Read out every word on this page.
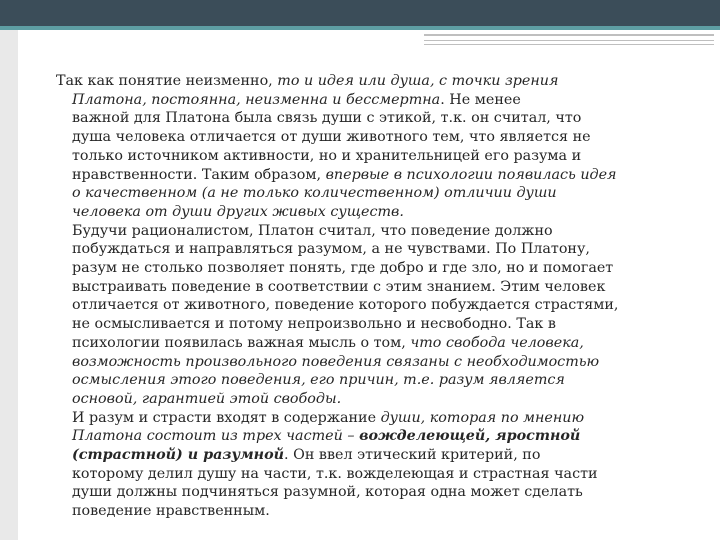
Так как понятие неизменно, то и идея или душа, с точки зрения
Платона, постоянна, неизменна и бессмертна. Не менее
важной для Платона была связь души с этикой, т.к. он считал, что
душа человека отличается от души животного тем, что является не
только источником активности, но и хранительницей его разума и
нравственности. Таким образом, впервые в психологии появилась идея
о качественном (а не только количественном) отличии души
человека от души других живых существ.
Будучи рационалистом, Платон считал, что поведение должно
побуждаться и направляться разумом, а не чувствами. По Платону,
разум не столько позволяет понять, где добро и где зло, но и помогает
выстраивать поведение в соответствии с этим знанием. Этим человек
отличается от животного, поведение которого побуждается страстями,
не осмысливается и потому непроизвольно и несвободно. Так в
психологии появилась важная мысль о том, что свобода человека,
возможность произвольного поведения связаны с необходимостью
осмысления этого поведения, его причин, т.е. разум является
основой, гарантией этой свободы.
И разум и страсти входят в содержание души, которая по мнению
Платона состоит из трех частей – вожделеющей, яростной
(страстной) и разумной. Он ввел этический критерий, по
которому делил душу на части, т.к. вожделеющая и страстная части
души должны подчиняться разумной, которая одна может сделать
поведение нравственным.
